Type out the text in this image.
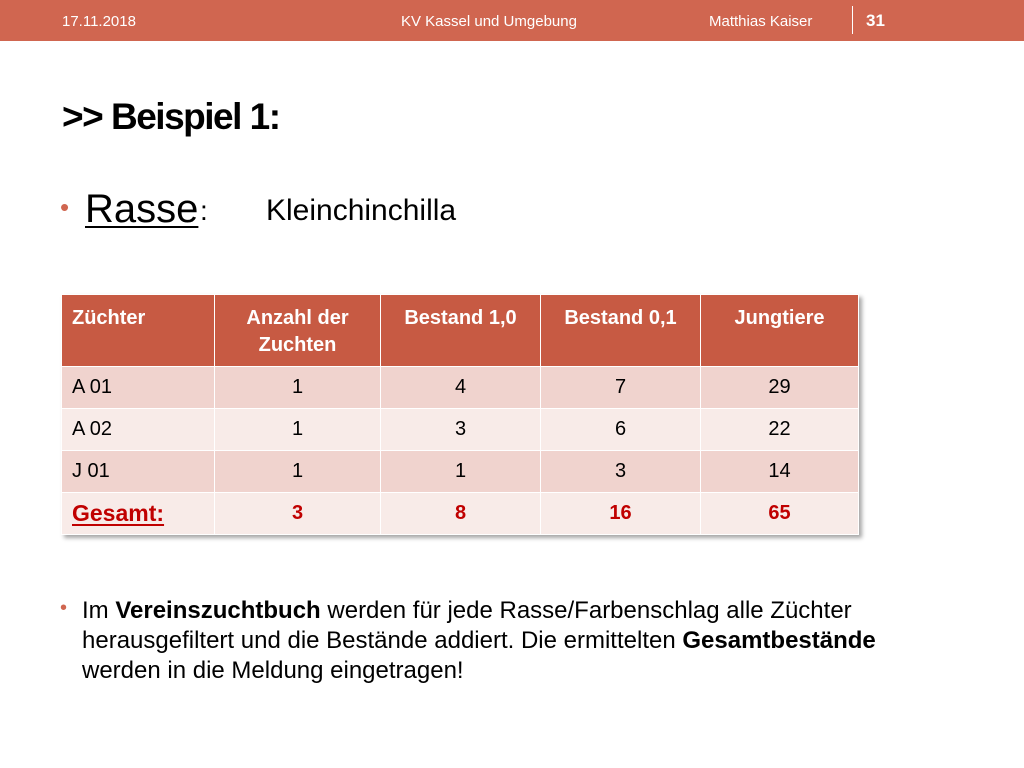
17.11.2018	KV Kassel und Umgebung	Matthias Kaiser	31
>> Beispiel 1:
• Rasse : Kleinchinchilla
Züchter	Anzahl der Zuchten	Bestand 1,0	Bestand 0,1	Jungtiere
A 01	1	4	7	29
A 02	1	3	6	22
J 01	1	1	3	14
Gesamt:	3	8	16	65
• Im Vereinszuchtbuch werden für jede Rasse/Farbenschlag alle Züchter herausgefiltert und die Bestände addiert. Die ermittelten Gesamtbestände werden in die Meldung eingetragen!
